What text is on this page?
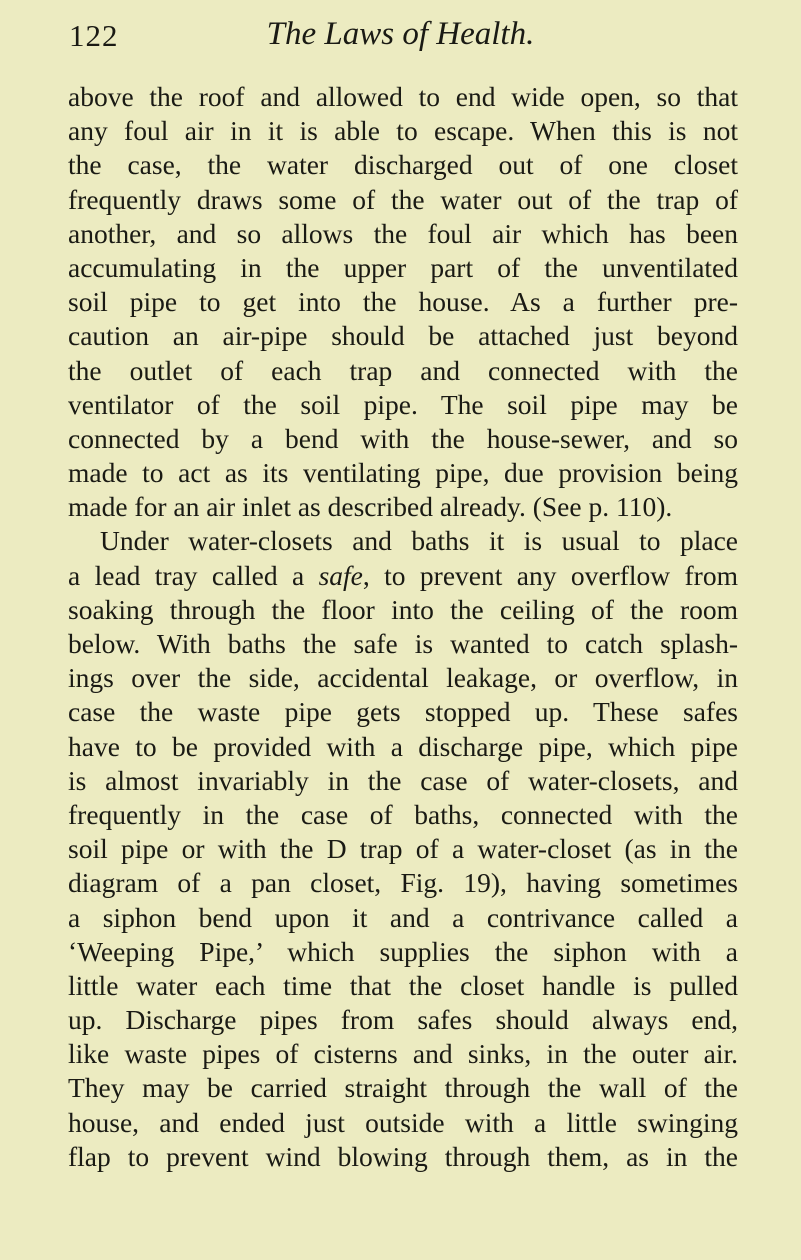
122	The Laws of Health.
above the roof and allowed to end wide open, so that
any foul air in it is able to escape. When this is not
the case, the water discharged out of one closet
frequently draws some of the water out of the trap of
another, and so allows the foul air which has been
accumulating in the upper part of the unventilated
soil pipe to get into the house. As a further pre-
caution an air-pipe should be attached just beyond
the outlet of each trap and connected with the
ventilator of the soil pipe. The soil pipe may be
connected by a bend with the house-sewer, and so
made to act as its ventilating pipe, due provision being
made for an air inlet as described already. (See p. 110).
Under water-closets and baths it is usual to place
a lead tray called a safe, to prevent any overflow from
soaking through the floor into the ceiling of the room
below. With baths the safe is wanted to catch splash-
ings over the side, accidental leakage, or overflow, in
case the waste pipe gets stopped up. These safes
have to be provided with a discharge pipe, which pipe
is almost invariably in the case of water-closets, and
frequently in the case of baths, connected with the
soil pipe or with the D trap of a water-closet (as in the
diagram of a pan closet, Fig. 19), having sometimes
a siphon bend upon it and a contrivance called a
‘Weeping Pipe,’ which supplies the siphon with a
little water each time that the closet handle is pulled
up. Discharge pipes from safes should always end,
like waste pipes of cisterns and sinks, in the outer air.
They may be carried straight through the wall of the
house, and ended just outside with a little swinging
flap to prevent wind blowing through them, as in the
